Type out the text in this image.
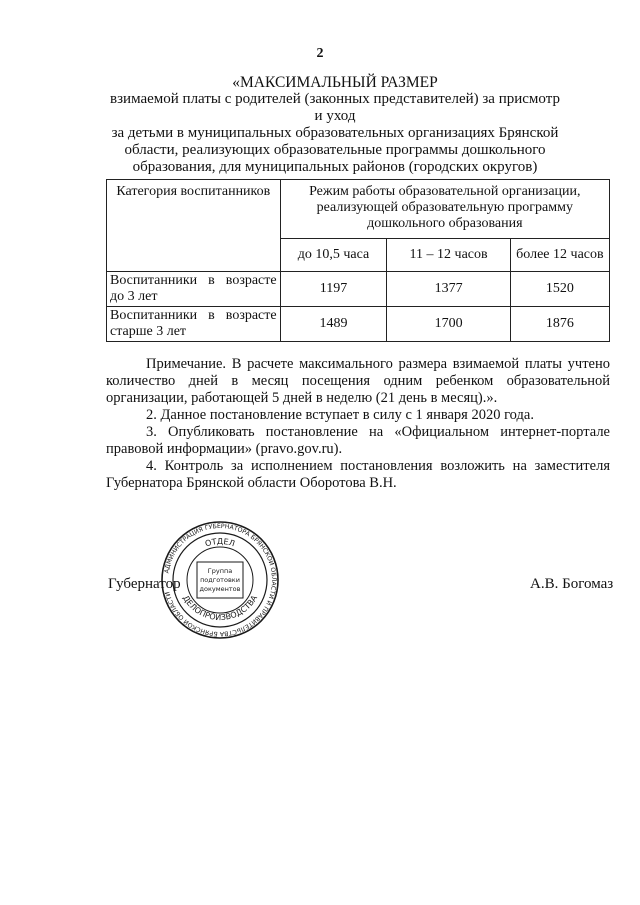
2
«МАКСИМАЛЬНЫЙ РАЗМЕР
взимаемой платы с родителей (законных представителей) за присмотр и уход
за детьми в муниципальных образовательных организациях Брянской
области, реализующих образовательные программы дошкольного
образования, для муниципальных районов (городских округов)
Категория воспитанников	Режим работы образовательной организации, реализующей образовательную программу дошкольного образования		
	до 10,5 часа	11 – 12 часов	более 12 часов
Воспитанники в возрасте до 3 лет	1197	1377	1520
Воспитанники в возрасте старше 3 лет	1489	1700	1876

Примечание. В расчете максимального размера взимаемой платы учтено количество дней в месяц посещения одним ребенком образовательной организации, работающей 5 дней в неделю (21 день в месяц).».

2. Данное постановление вступает в силу с 1 января 2020 года.

3. Опубликовать постановление на «Официальном интернет-портале правовой информации» (pravo.gov.ru).

4. Контроль за исполнением постановления возложить на заместителя Губернатора Брянской области Оборотова В.Н.

АДМИНИСТРАЦИЯ ГУБЕРНАТОРА БРЯНСКОЙ ОБЛАСТИ И ПРАВИТЕЛЬСТВА БРЯНСКОЙ ОБЛАСТИ
ОТДЕЛ
ДЕЛОПРОИЗВОДСТВА
Группа
подготовки
документов
Губернатор	А.В. Богомаз
